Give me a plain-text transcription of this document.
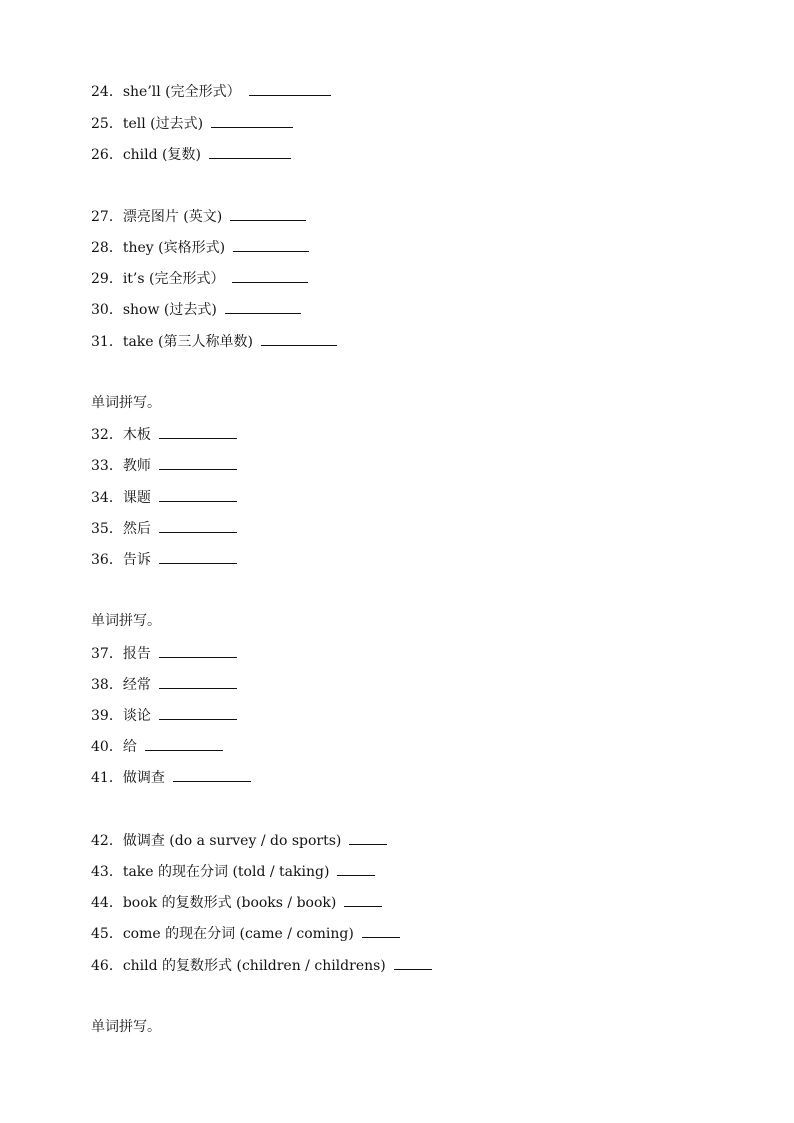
24．she’ll (完全形式）
25．tell (过去式)
26．child (复数)
27．漂亮图片 (英文)
28．they (宾格形式)
29．it’s (完全形式）
30．show (过去式)
31．take (第三人称单数)
单词拼写。
32．木板
33．教师
34．课题
35．然后
36．告诉
单词拼写。
37．报告
38．经常
39．谈论
40．给
41．做调查
42．做调查 (do a survey / do sports)
43．take 的现在分词 (told / taking)
44．book 的复数形式 (books / book)
45．come 的现在分词 (came / coming)
46．child 的复数形式 (children / childrens)
单词拼写。
